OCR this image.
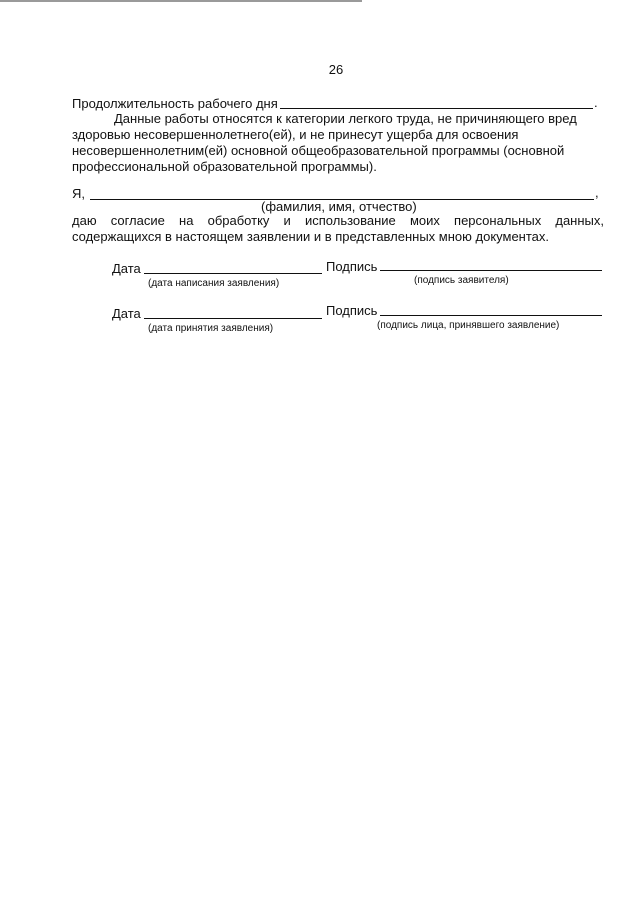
26
Продолжительность рабочего дня	.
Данные работы относятся к категории легкого труда, не причиняющего вред
здоровью несовершеннолетнего(ей), и не принесут ущерба для освоения
несовершеннолетним(ей) основной общеобразовательной программы (основной
профессиональной образовательной программы).
Я,	,
(фамилия, имя, отчество)
даю согласие на обработку и использование моих персональных данных,
содержащихся в настоящем заявлении и в представленных мною документах.
Дата	Подпись
(дата написания заявления)	(подпись заявителя)
Дата	Подпись
(дата принятия заявления)	(подпись лица, принявшего заявление)
